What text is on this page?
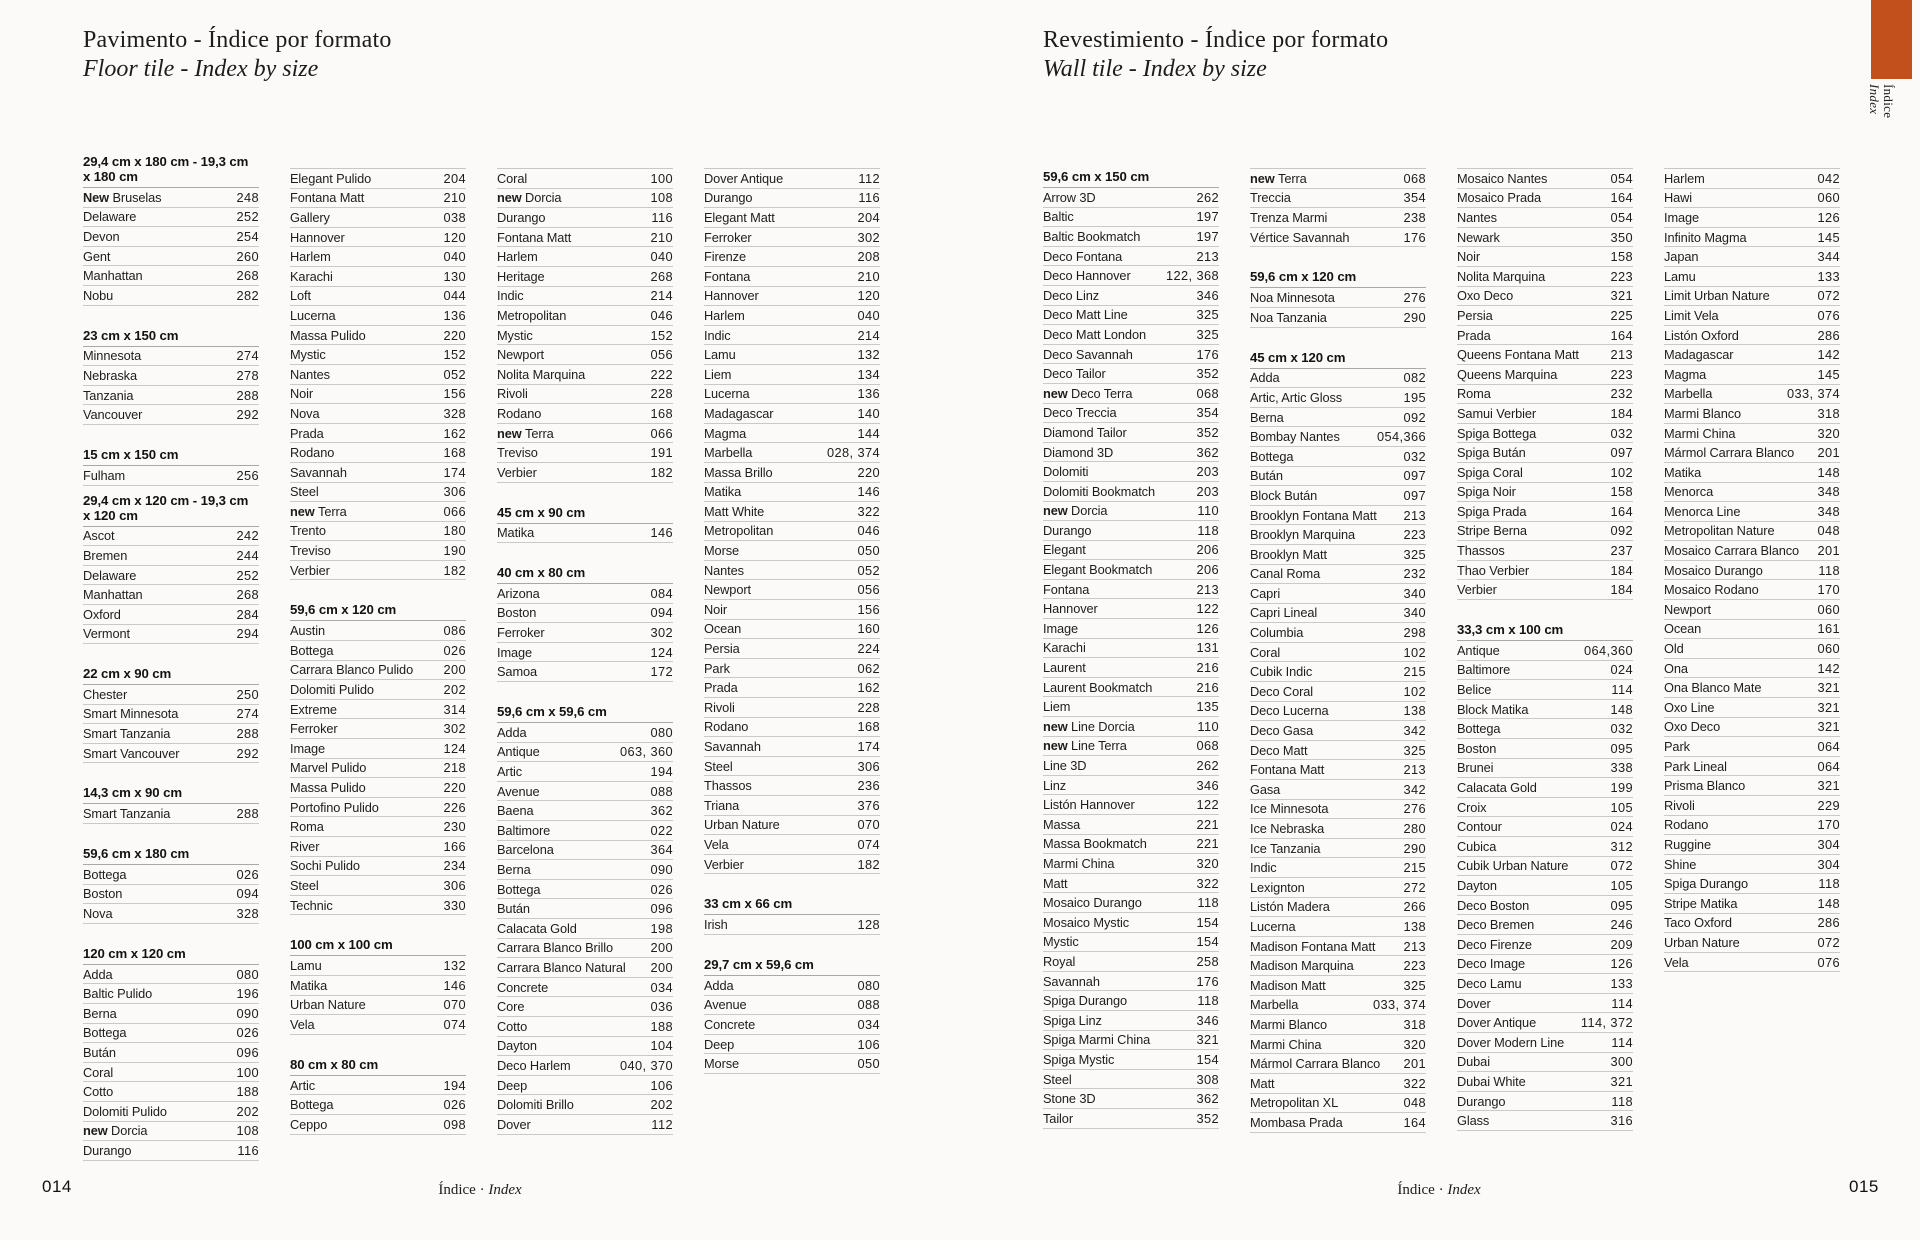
Pavimento - Índice por formato
Floor tile - Index by size
29,4 cm x 180 cm - 19,3 cm x 180 cm
New Bruselas	248
Delaware	252
Devon	254
Gent	260
Manhattan	268
Nobu	282
23 cm x 150 cm
Minnesota	274
Nebraska	278
Tanzania	288
Vancouver	292
15 cm x 150 cm
Fulham	256
29,4 cm x 120 cm - 19,3 cm x 120 cm
Ascot	242
Bremen	244
Delaware	252
Manhattan	268
Oxford	284
Vermont	294
22 cm x 90 cm
Chester	250
Smart Minnesota	274
Smart Tanzania	288
Smart Vancouver	292
14,3 cm x 90 cm
Smart Tanzania	288
59,6 cm x 180 cm
Bottega	026
Boston	094
Nova	328
120 cm x 120 cm
Adda	080
Baltic Pulido	196
Berna	090
Bottega	026
Bután	096
Coral	100
Cotto	188
Dolomiti Pulido	202
new Dorcia	108
Durango	116
Elegant Pulido	204
Fontana Matt	210
Gallery	038
Hannover	120
Harlem	040
Karachi	130
Loft	044
Lucerna	136
Massa Pulido	220
Mystic	152
Nantes	052
Noir	156
Nova	328
Prada	162
Rodano	168
Savannah	174
Steel	306
new Terra	066
Trento	180
Treviso	190
Verbier	182
59,6 cm x 120 cm
Austin	086
Bottega	026
Carrara Blanco Pulido 200
Dolomiti Pulido	202
Extreme	314
Ferroker	302
Image	124
Marvel Pulido	218
Massa Pulido	220
Portofino Pulido	226
Roma	230
River	166
Sochi Pulido	234
Steel	306
Technic	330
100 cm x 100 cm
Lamu	132
Matika	146
Urban Nature	070
Vela	074
80 cm x 80 cm
Artic	194
Bottega	026
Ceppo	098
Coral	100
new Dorcia	108
Durango	116
Fontana Matt	210
Harlem	040
Heritage	268
Indic	214
Metropolitan	046
Mystic	152
Newport	056
Nolita Marquina	222
Rivoli	228
Rodano	168
new Terra	066
Treviso	191
Verbier	182
45 cm x 90 cm
Matika	146
40 cm x 80 cm
Arizona	084
Boston	094
Ferroker	302
Image	124
Samoa	172
59,6 cm x 59,6 cm
Adda	080
Antique	063, 360
Artic	194
Avenue	088
Baena	362
Baltimore	022
Barcelona	364
Berna	090
Bottega	026
Bután	096
Calacata Gold	198
Carrara Blanco Brillo	200
Carrara Blanco Natural 200
Concrete	034
Core	036
Cotto	188
Dayton	104
Deco Harlem	040, 370
Deep	106
Dolomiti Brillo	202
Dover	112
Dover Antique	112
Durango	116
Elegant Matt	204
Ferroker	302
Firenze	208
Fontana	210
Hannover	120
Harlem	040
Indic	214
Lamu	132
Liem	134
Lucerna	136
Madagascar	140
Magma	144
Marbella	028, 374
Massa Brillo	220
Matika	146
Matt White	322
Metropolitan	046
Morse	050
Nantes	052
Newport	056
Noir	156
Ocean	160
Persia	224
Park	062
Prada	162
Rivoli	228
Rodano	168
Savannah	174
Steel	306
Thassos	236
Triana	376
Urban Nature	070
Vela	074
Verbier	182
33 cm x 66 cm
Irish	128
29,7 cm x 59,6 cm
Adda	080
Avenue	088
Concrete	034
Deep	106
Morse	050
Revestimiento - Índice por formato
Wall tile - Index by size
59,6 cm x 150 cm
Arrow 3D	262
Baltic	197
Baltic Bookmatch	197
Deco Fontana	213
Deco Hannover	122, 368
Deco Linz	346
Deco Matt Line	325
Deco Matt London	325
Deco Savannah	176
Deco Tailor	352
new Deco Terra	068
Deco Treccia	354
Diamond Tailor	352
Diamond 3D	362
Dolomiti	203
Dolomiti Bookmatch	203
new Dorcia	110
Durango	118
Elegant	206
Elegant Bookmatch	206
Fontana	213
Hannover	122
Image	126
Karachi	131
Laurent	216
Laurent Bookmatch	216
Liem	135
new Line Dorcia	110
new Line Terra	068
Line 3D	262
Linz	346
Listón Hannover	122
Massa	221
Massa Bookmatch	221
Marmi China	320
Matt	322
Mosaico Durango	118
Mosaico Mystic	154
Mystic	154
Royal	258
Savannah	176
Spiga Durango	118
Spiga Linz	346
Spiga Marmi China	321
Spiga Mystic	154
Steel	308
Stone 3D	362
Tailor	352
new Terra	068
Treccia	354
Trenza Marmi	238
Vértice Savannah	176
59,6 cm x 120 cm
Noa Minnesota	276
Noa Tanzania	290
45 cm x 120 cm
Adda	082
Artic, Artic Gloss	195
Berna	092
Bombay Nantes	054,366
Bottega	032
Bután	097
Block Bután	097
Brooklyn Fontana Matt 213
Brooklyn Marquina	223
Brooklyn Matt	325
Canal Roma	232
Capri	340
Capri Lineal	340
Columbia	298
Coral	102
Cubik Indic	215
Deco Coral	102
Deco Lucerna	138
Deco Gasa	342
Deco Matt	325
Fontana Matt	213
Gasa	342
Ice Minnesota	276
Ice Nebraska	280
Ice Tanzania	290
Indic	215
Lexignton	272
Listón Madera	266
Lucerna	138
Madison Fontana Matt 213
Madison Marquina	223
Madison Matt	325
Marbella	033, 374
Marmi Blanco	318
Marmi China	320
Mármol Carrara Blanco 201
Matt	322
Metropolitan XL	048
Mombasa Prada	164
Mosaico Nantes	054
Mosaico Prada	164
Nantes	054
Newark	350
Noir	158
Nolita Marquina	223
Oxo Deco	321
Persia	225
Prada	164
Queens Fontana Matt 213
Queens Marquina	223
Roma	232
Samui Verbier	184
Spiga Bottega	032
Spiga Bután	097
Spiga Coral	102
Spiga Noir	158
Spiga Prada	164
Stripe Berna	092
Thassos	237
Thao Verbier	184
Verbier	184
33,3 cm x 100 cm
Antique	064,360
Baltimore	024
Belice	114
Block Matika	148
Bottega	032
Boston	095
Brunei	338
Calacata Gold	199
Croix	105
Contour	024
Cubica	312
Cubik Urban Nature	072
Dayton	105
Deco Boston	095
Deco Bremen	246
Deco Firenze	209
Deco Image	126
Deco Lamu	133
Dover	114
Dover Antique	114, 372
Dover Modern Line	114
Dubai	300
Dubai White	321
Durango	118
Glass	316
Harlem	042
Hawi	060
Image	126
Infinito Magma	145
Japan	344
Lamu	133
Limit Urban Nature	072
Limit Vela	076
Listón Oxford	286
Madagascar	142
Magma	145
Marbella	033, 374
Marmi Blanco	318
Marmi China	320
Mármol Carrara Blanco 201
Matika	148
Menorca	348
Menorca Line	348
Metropolitan Nature	048
Mosaico Carrara Blanco 201
Mosaico Durango	118
Mosaico Rodano	170
Newport	060
Ocean	161
Old	060
Ona	142
Ona Blanco Mate	321
Oxo Line	321
Oxo Deco	321
Park	064
Park Lineal	064
Prisma Blanco	321
Rivoli	229
Rodano	170
Ruggine	304
Shine	304
Spiga Durango	118
Stripe Matika	148
Taco Oxford	286
Urban Nature	072
Vela	076
014	Índice · Index	Índice · Index	015
Índice
Index
